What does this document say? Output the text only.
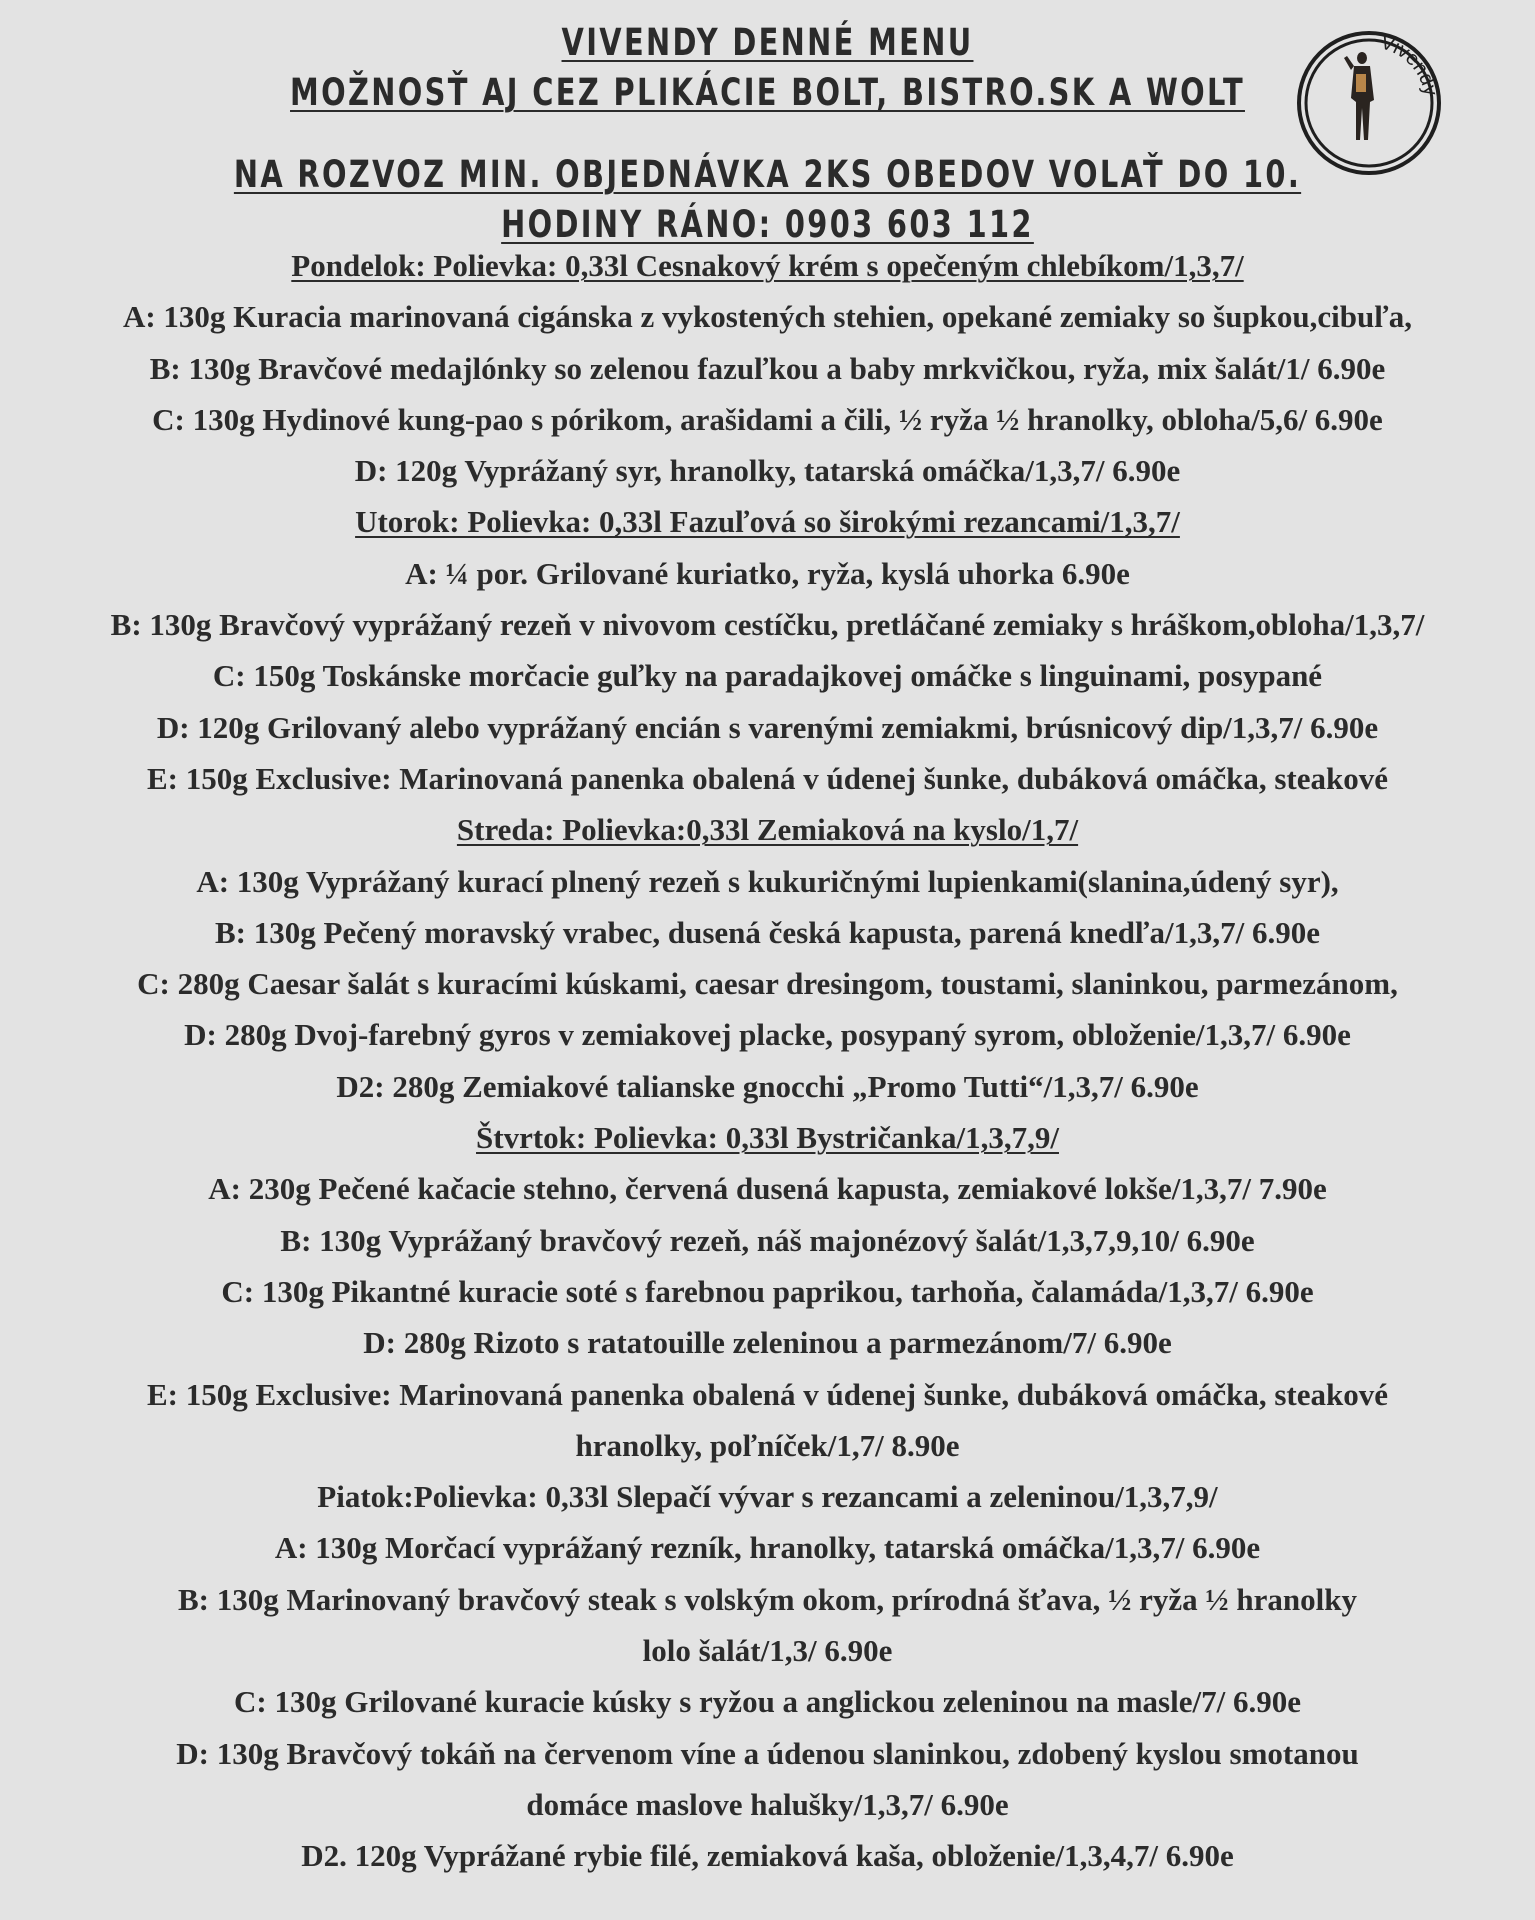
VIVENDY DENNÉ MENU
MOŽNOSŤ AJ CEZ PLIKÁCIE BOLT, BISTRO.SK A WOLT
NA ROZVOZ MIN. OBJEDNÁVKA 2KS OBEDOV VOLAŤ DO 10.
HODINY RÁNO: 0903 603 112
Vivendy
Pondelok: Polievka: 0,33l Cesnakový krém s opečeným chlebíkom/1,3,7/
A: 130g Kuracia marinovaná cigánska z vykostených stehien, opekané zemiaky so šupkou,cibuľa,
B: 130g Bravčové medajlónky so zelenou fazuľkou a baby mrkvičkou, ryža, mix šalát/1/ 6.90e
C: 130g Hydinové kung-pao s pórikom, arašidami a čili, ½ ryža ½ hranolky, obloha/5,6/ 6.90e
D: 120g Vyprážaný syr, hranolky, tatarská omáčka/1,3,7/ 6.90e
Utorok: Polievka: 0,33l Fazuľová so širokými rezancami/1,3,7/
A: ¼ por. Grilované kuriatko, ryža, kyslá uhorka 6.90e
B: 130g Bravčový vyprážaný rezeň v nivovom cestíčku, pretláčané zemiaky s hráškom,obloha/1,3,7/
C: 150g Toskánske morčacie guľky na paradajkovej omáčke s linguinami, posypané
D: 120g Grilovaný alebo vyprážaný encián s varenými zemiakmi, brúsnicový dip/1,3,7/ 6.90e
E: 150g Exclusive: Marinovaná panenka obalená v údenej šunke, dubáková omáčka, steakové
Streda: Polievka:0,33l Zemiaková na kyslo/1,7/
A: 130g Vyprážaný kurací plnený rezeň s kukuričnými lupienkami(slanina,údený syr),
B: 130g Pečený moravský vrabec, dusená česká kapusta, parená knedľa/1,3,7/ 6.90e
C: 280g Caesar šalát s kuracími kúskami, caesar dresingom, toustami, slaninkou, parmezánom,
D: 280g Dvoj-farebný gyros v zemiakovej placke, posypaný syrom, obloženie/1,3,7/ 6.90e
D2: 280g Zemiakové talianske gnocchi „Promo Tutti“/1,3,7/ 6.90e
Štvrtok: Polievka: 0,33l Bystričanka/1,3,7,9/
A: 230g Pečené kačacie stehno, červená dusená kapusta, zemiakové lokše/1,3,7/ 7.90e
B: 130g Vyprážaný bravčový rezeň, náš majonézový šalát/1,3,7,9,10/ 6.90e
C: 130g Pikantné kuracie soté s farebnou paprikou, tarhoňa, čalamáda/1,3,7/ 6.90e
D: 280g Rizoto s ratatouille zeleninou a parmezánom/7/ 6.90e
E: 150g Exclusive: Marinovaná panenka obalená v údenej šunke, dubáková omáčka, steakové
hranolky, poľníček/1,7/ 8.90e
Piatok:Polievka: 0,33l Slepačí vývar s rezancami a zeleninou/1,3,7,9/
A: 130g Morčací vyprážaný rezník, hranolky, tatarská omáčka/1,3,7/ 6.90e
B: 130g Marinovaný bravčový steak s volským okom, prírodná šťava, ½ ryža ½ hranolky
lolo šalát/1,3/ 6.90e
C: 130g Grilované kuracie kúsky s ryžou a anglickou zeleninou na masle/7/ 6.90e
D: 130g Bravčový tokáň na červenom víne a údenou slaninkou, zdobený kyslou smotanou
domáce maslove halušky/1,3,7/ 6.90e
D2. 120g Vyprážané rybie filé, zemiaková kaša, obloženie/1,3,4,7/ 6.90e
